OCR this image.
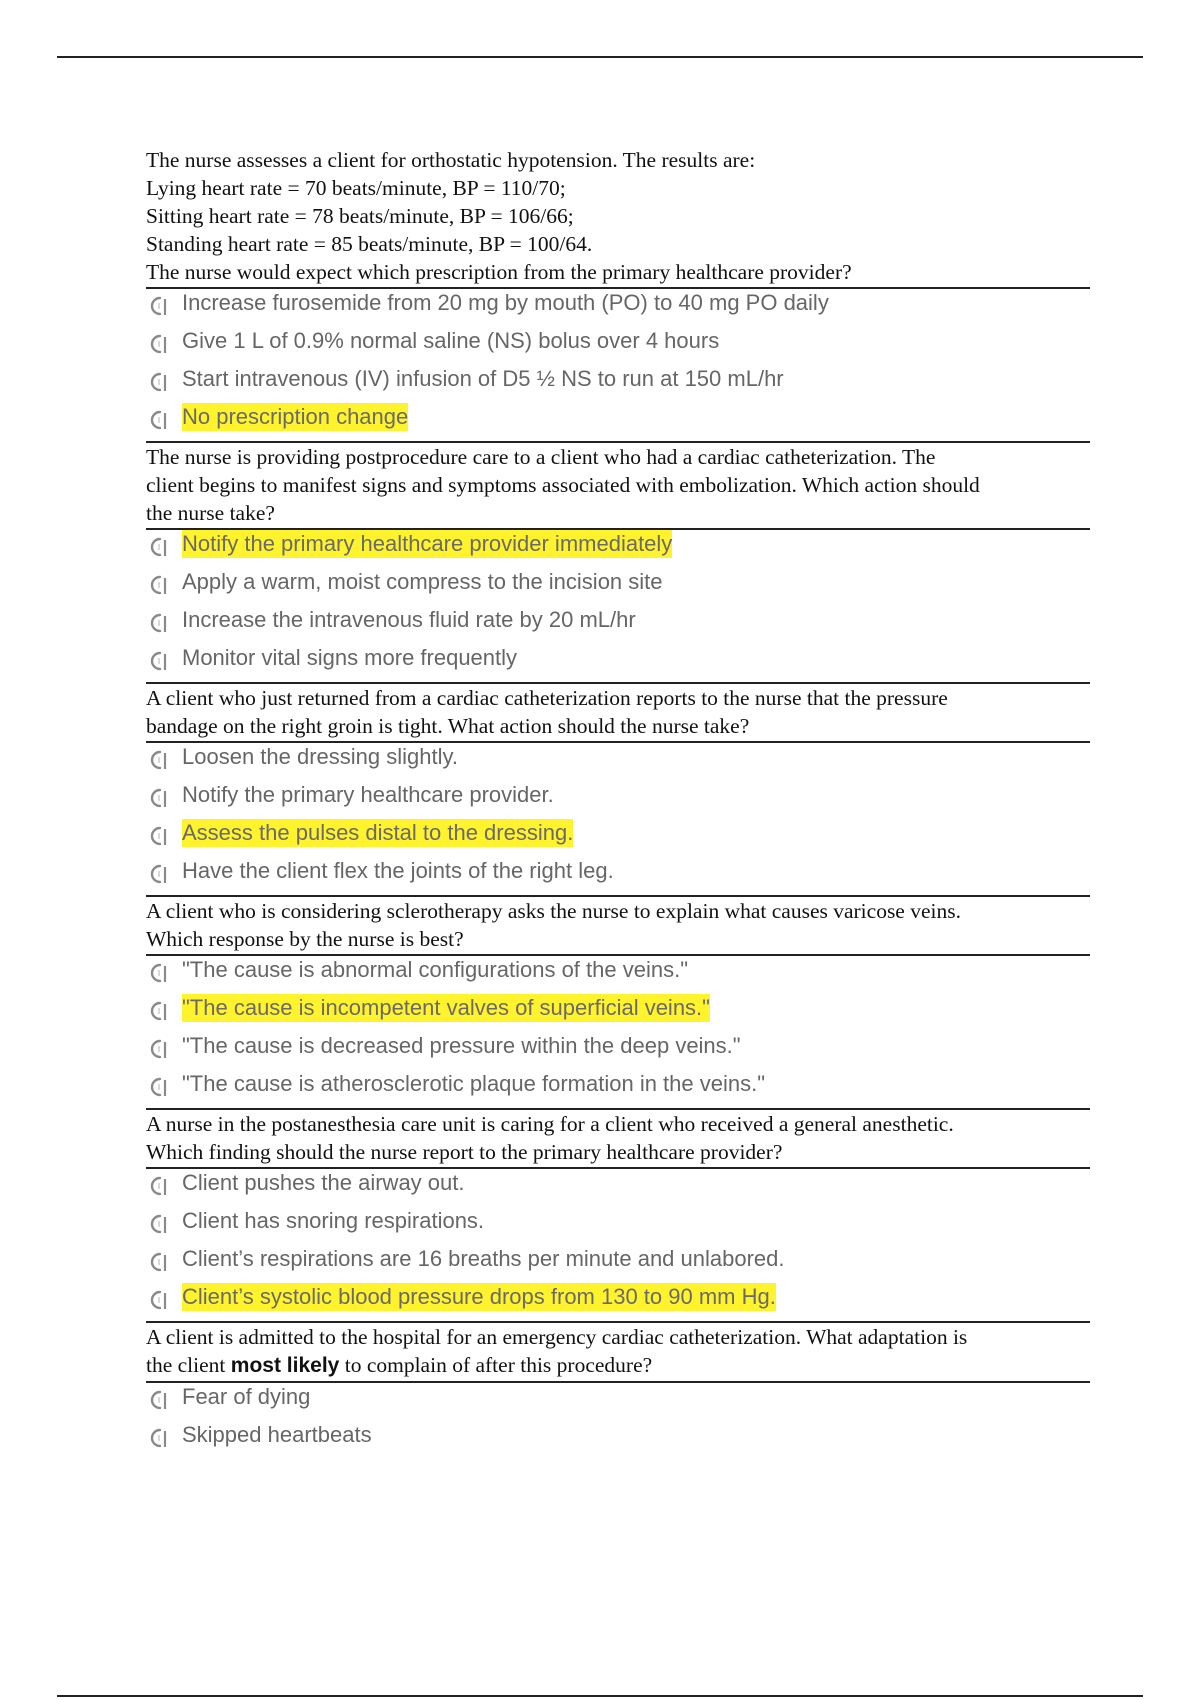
The nurse assesses a client for orthostatic hypotension. The results are:
Lying heart rate = 70 beats/minute, BP = 110/70;
Sitting heart rate = 78 beats/minute, BP = 106/66;
Standing heart rate = 85 beats/minute, BP = 100/64.
The nurse would expect which prescription from the primary healthcare provider?
Increase furosemide from 20 mg by mouth (PO) to 40 mg PO daily
Give 1 L of 0.9% normal saline (NS) bolus over 4 hours
Start intravenous (IV) infusion of D5 ½ NS to run at 150 mL/hr
No prescription change
The nurse is providing postprocedure care to a client who had a cardiac catheterization. The
client begins to manifest signs and symptoms associated with embolization. Which action should
the nurse take?
Notify the primary healthcare provider immediately
Apply a warm, moist compress to the incision site
Increase the intravenous fluid rate by 20 mL/hr
Monitor vital signs more frequently
A client who just returned from a cardiac catheterization reports to the nurse that the pressure
bandage on the right groin is tight. What action should the nurse take?
Loosen the dressing slightly.
Notify the primary healthcare provider.
Assess the pulses distal to the dressing.
Have the client flex the joints of the right leg.
A client who is considering sclerotherapy asks the nurse to explain what causes varicose veins.
Which response by the nurse is best?
"The cause is abnormal configurations of the veins."
"The cause is incompetent valves of superficial veins."
"The cause is decreased pressure within the deep veins."
"The cause is atherosclerotic plaque formation in the veins."
A nurse in the postanesthesia care unit is caring for a client who received a general anesthetic.
Which finding should the nurse report to the primary healthcare provider?
Client pushes the airway out.
Client has snoring respirations.
Client’s respirations are 16 breaths per minute and unlabored.
Client’s systolic blood pressure drops from 130 to 90 mm Hg.
A client is admitted to the hospital for an emergency cardiac catheterization. What adaptation is
the client most likely to complain of after this procedure?
Fear of dying
Skipped heartbeats
